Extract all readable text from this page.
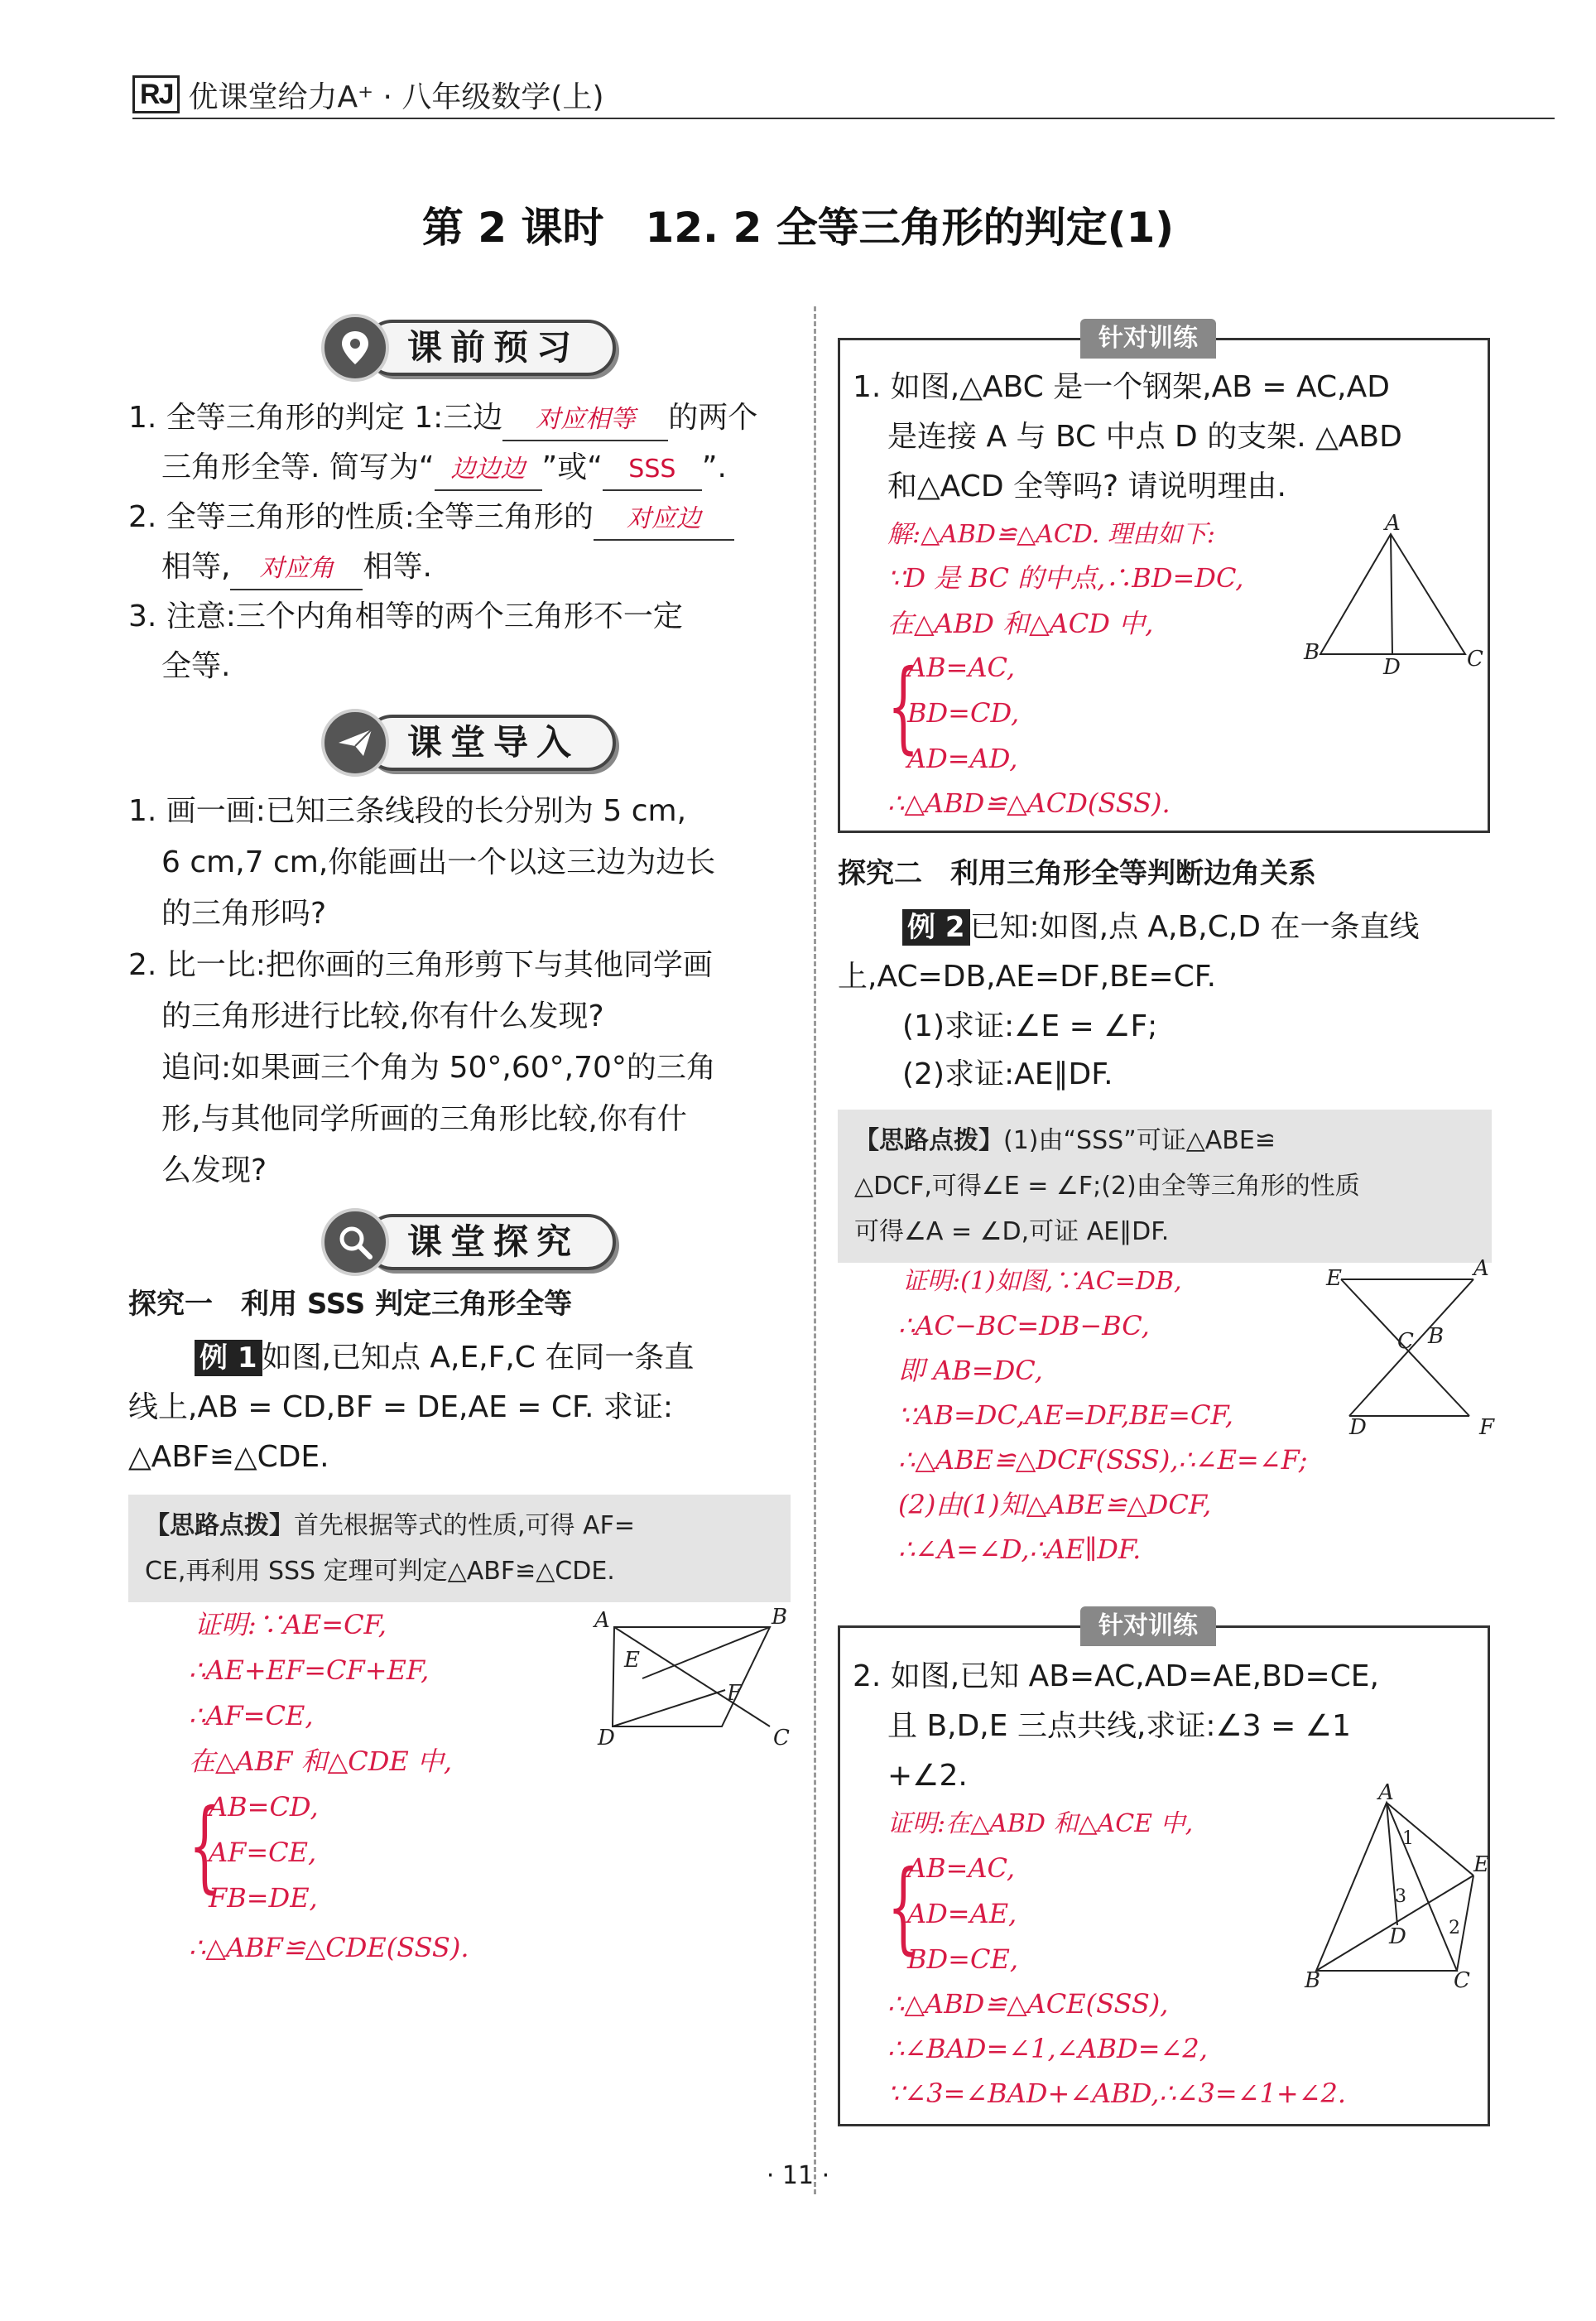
RJ 优课堂给力A⁺ · 八年级数学(上)
第 2 课时　12. 2 全等三角形的判定(1)
课前预习
1. 全等三角形的判定 1:三边 对应相等 的两个
三角形全等. 简写为“ 边边边 ”或“ SSS ”.
2. 全等三角形的性质:全等三角形的 对应边
相等, 对应角 相等.
3. 注意:三个内角相等的两个三角形不一定
全等.
课堂导入
1. 画一画:已知三条线段的长分别为 5 cm,
6 cm,7 cm,你能画出一个以这三边为边长
的三角形吗?
2. 比一比:把你画的三角形剪下与其他同学画
的三角形进行比较,你有什么发现?
追问:如果画三个角为 50°,60°,70°的三角
形,与其他同学所画的三角形比较,你有什
么发现?
课堂探究
探究一　利用 SSS 判定三角形全等
例 1 如图,已知点 A,E,F,C 在同一条直
线上,AB = CD,BF = DE,AE = CF. 求证:
△ABF≌△CDE.
【思路点拨】首先根据等式的性质,可得 AF=
CE,再利用 SSS 定理可判定△ABF≌△CDE.
证明:∵AE=CF,
∴AE+EF=CF+EF,
∴AF=CE,
在△ABF 和△CDE 中,
{
AB=CD,
AF=CE,
FB=DE,
∴△ABF≌△CDE(SSS).
A	B
C
D
E
F
针对训练
1. 如图,△ABC 是一个钢架,AB = AC,AD
是连接 A 与 BC 中点 D 的支架. △ABD
和△ACD 全等吗? 请说明理由.
解:△ABD≌△ACD. 理由如下:
∵D 是 BC 的中点,∴BD=DC,
在△ABD 和△ACD 中,
{
AB=AC,
BD=CD,
AD=AD,
∴△ABD≌△ACD(SSS).
A
B	C
D
探究二　利用三角形全等判断边角关系
例 2 已知:如图,点 A,B,C,D 在一条直线
上,AC=DB,AE=DF,BE=CF.
(1)求证:∠E = ∠F;
(2)求证:AE∥DF.
【思路点拨】(1)由“SSS”可证△ABE≌
△DCF,可得∠E = ∠F;(2)由全等三角形的性质
可得∠A = ∠D,可证 AE∥DF.
证明:(1)如图,∵AC=DB,
∴AC−BC=DB−BC,
即 AB=DC,
∵AB=DC,AE=DF,BE=CF,
∴△ABE≌△DCF(SSS),∴∠E=∠F;
(2)由(1)知△ABE≌△DCF,
∴∠A=∠D,∴AE∥DF.
E	A
C B
D	F
针对训练
2. 如图,已知 AB=AC,AD=AE,BD=CE,
且 B,D,E 三点共线,求证:∠3 = ∠1
+∠2.
证明:在△ABD 和△ACE 中,
{
AB=AC,
AD=AE,
BD=CE,
∴△ABD≌△ACE(SSS),
∴∠BAD=∠1,∠ABD=∠2,
∵∠3=∠BAD+∠ABD,∴∠3=∠1+∠2.
A
B	C
D
E
1
2
3
· 11 ·
